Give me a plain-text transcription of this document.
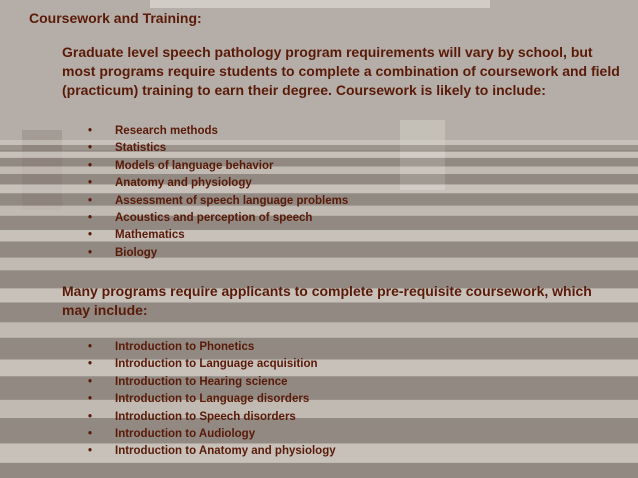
Coursework and Training:
Graduate level speech pathology program requirements will vary by school, but most programs require students to complete a combination of coursework and field (practicum) training to earn their degree. Coursework is likely to include:
• Research methods
• Statistics
• Models of language behavior
• Anatomy and physiology
• Assessment of speech language problems
• Acoustics and perception of speech
• Mathematics
• Biology
Many programs require applicants to complete pre-requisite coursework, which may include:
• Introduction to Phonetics
• Introduction to Language acquisition
• Introduction to Hearing science
• Introduction to Language disorders
• Introduction to Speech disorders
• Introduction to Audiology
• Introduction to Anatomy and physiology
